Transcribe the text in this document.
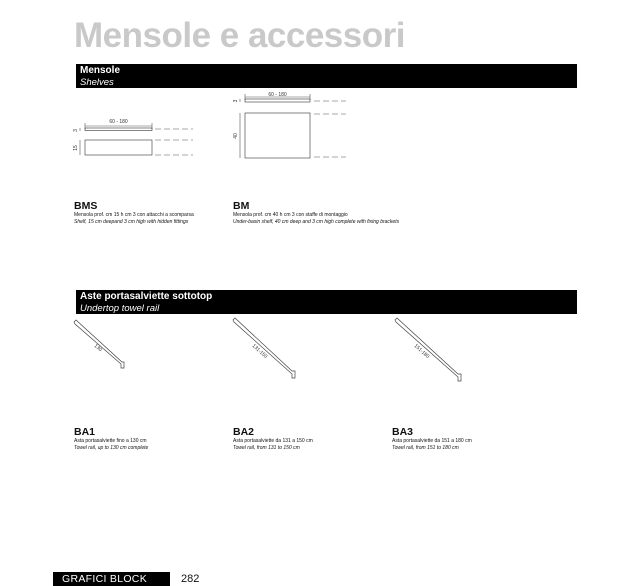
Mensole e accessori
Mensole
Shelves
60 - 180
3
15
60 - 180
3
40
BMS
Mensola prof. cm 15 h cm 3 con attacchi a scomparsa
Shelf, 15 cm deepand 3 cm high with hidden fittings
BM
Mensola prof. cm 40 h cm 3 con staffe di montaggio
Under-basin shelf, 40 cm deep and 3 cm high complete with fixing brackets
Aste portasalviette sottotop
Undertop towel rail
130	131-150	151-180
BA1
Asta portasalviette fino a 130 cm
Towel rail, up to 130 cm complete
BA2
Asta portasalviette da 131 a 150 cm
Towel rail, from 131 to 150 cm
BA3
Asta portasalviette da 151 a 180 cm
Towel rail, from 151 to 180 cm
GRAFICI BLOCK	282
